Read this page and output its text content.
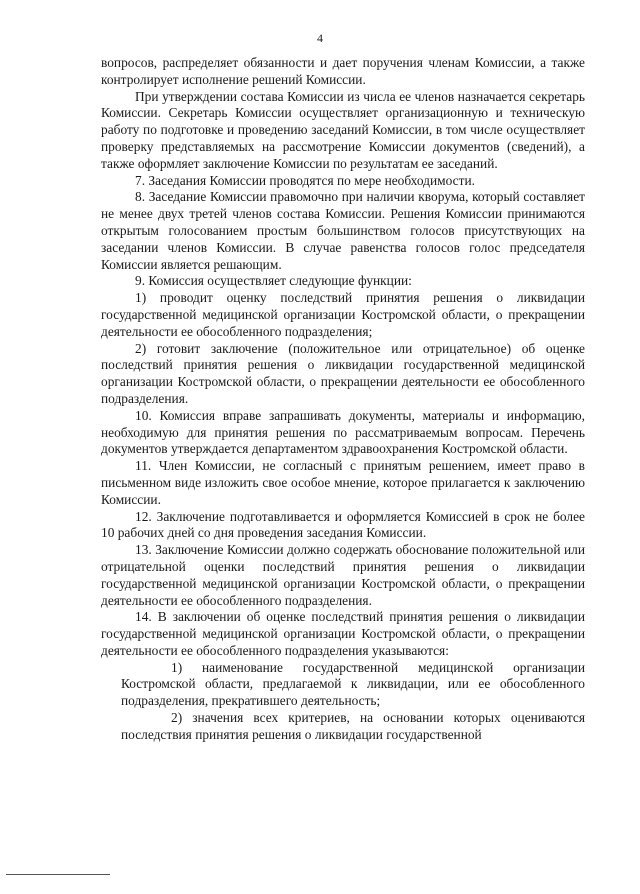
4

вопросов, распределяет обязанности и дает поручения членам Комиссии, а также контролирует исполнение решений Комиссии.

При утверждении состава Комиссии из числа ее членов назначается секретарь Комиссии. Секретарь Комиссии осуществляет организационную и техническую работу по подготовке и проведению заседаний Комиссии, в том числе осуществляет проверку представляемых на рассмотрение Комиссии документов (сведений), а также оформляет заключение Комиссии по результатам ее заседаний.

7. Заседания Комиссии проводятся по мере необходимости.

8. Заседание Комиссии правомочно при наличии кворума, который составляет не менее двух третей членов состава Комиссии. Решения Комиссии принимаются открытым голосованием простым большинством голосов присутствующих на заседании членов Комиссии. В случае равенства голосов голос председателя Комиссии является решающим.

9. Комиссия осуществляет следующие функции:

1) проводит оценку последствий принятия решения о ликвидации государственной медицинской организации Костромской области, о прекращении деятельности ее обособленного подразделения;

2) готовит заключение (положительное или отрицательное) об оценке последствий принятия решения о ликвидации государственной медицинской организации Костромской области, о прекращении деятельности ее обособленного подразделения.

10. Комиссия вправе запрашивать документы, материалы и информацию, необходимую для принятия решения по рассматриваемым вопросам. Перечень документов утверждается департаментом здравоохранения Костромской области.

11. Член Комиссии, не согласный с принятым решением, имеет право в письменном виде изложить свое особое мнение, которое прилагается к заключению Комиссии.

12. Заключение подготавливается и оформляется Комиссией в срок не более 10 рабочих дней со дня проведения заседания Комиссии.

13. Заключение Комиссии должно содержать обоснование положительной или отрицательной оценки последствий принятия решения о ликвидации государственной медицинской организации Костромской области, о прекращении деятельности ее обособленного подразделения.

14. В заключении об оценке последствий принятия решения о ликвидации государственной медицинской организации Костромской области, о прекращении деятельности ее обособленного подразделения указываются:

1) наименование государственной медицинской организации Костромской области, предлагаемой к ликвидации, или ее обособленного подразделения, прекратившего деятельность;

2) значения всех критериев, на основании которых оцениваются последствия принятия решения о ликвидации государственной
